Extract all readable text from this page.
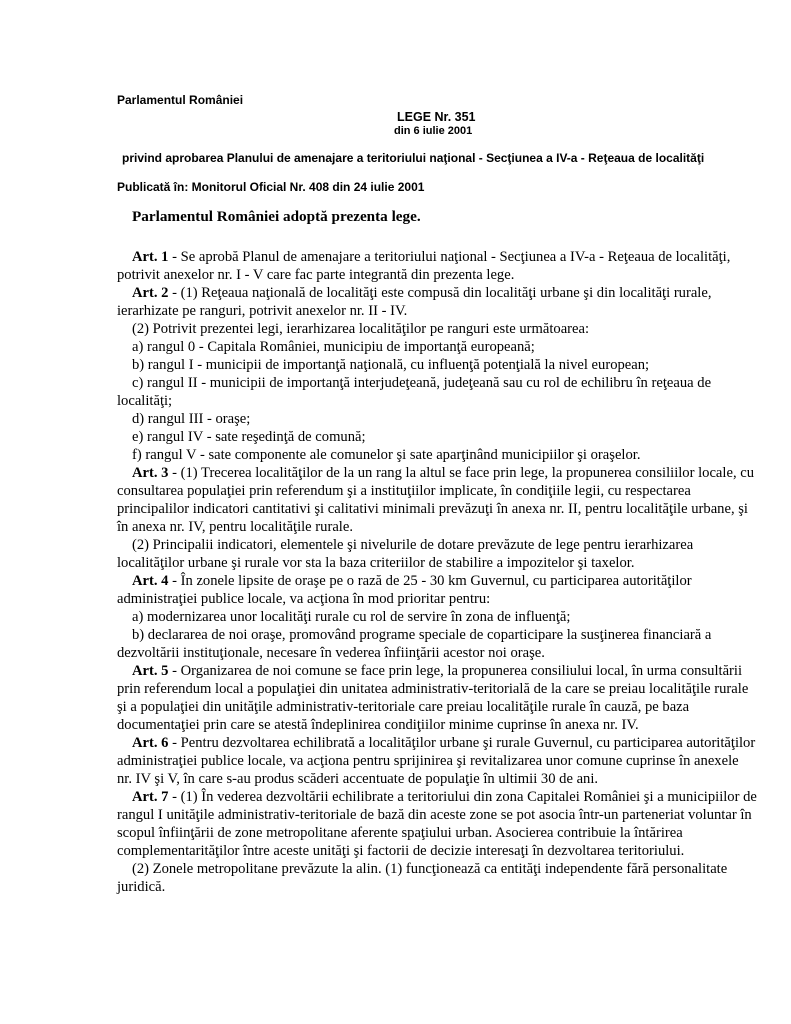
Parlamentul României
LEGE Nr. 351
din 6 iulie 2001
privind aprobarea Planului de amenajare a teritoriului naţional - Secţiunea a IV-a - Reţeaua de localităţi
Publicată în: Monitorul Oficial Nr. 408 din 24 iulie 2001

Parlamentul României adoptă prezenta lege.

Art. 1 - Se aprobă Planul de amenajare a teritoriului naţional - Secţiunea a IV-a - Reţeaua de localităţi, potrivit anexelor nr. I - V care fac parte integrantă din prezenta lege.

Art. 2 - (1) Reţeaua naţională de localităţi este compusă din localităţi urbane şi din localităţi rurale, ierarhizate pe ranguri, potrivit anexelor nr. II - IV.

(2) Potrivit prezentei legi, ierarhizarea localităţilor pe ranguri este următoarea:

a) rangul 0 - Capitala României, municipiu de importanţă europeană;

b) rangul I - municipii de importanţă naţională, cu influenţă potenţială la nivel european;

c) rangul II - municipii de importanţă interjudeţeană, judeţeană sau cu rol de echilibru în reţeaua de localităţi;

d) rangul III - oraşe;

e) rangul IV - sate reşedinţă de comună;

f) rangul V - sate componente ale comunelor şi sate aparţinând municipiilor şi oraşelor.

Art. 3 - (1) Trecerea localităţilor de la un rang la altul se face prin lege, la propunerea consiliilor locale, cu consultarea populaţiei prin referendum şi a instituţiilor implicate, în condiţiile legii, cu respectarea principalilor indicatori cantitativi şi calitativi minimali prevăzuţi în anexa nr. II, pentru localităţile urbane, şi în anexa nr. IV, pentru localităţile rurale.

(2) Principalii indicatori, elementele şi nivelurile de dotare prevăzute de lege pentru ierarhizarea localităţilor urbane şi rurale vor sta la baza criteriilor de stabilire a impozitelor şi taxelor.

Art. 4 - În zonele lipsite de oraşe pe o rază de 25 - 30 km Guvernul, cu participarea autorităţilor administraţiei publice locale, va acţiona în mod prioritar pentru:

a) modernizarea unor localităţi rurale cu rol de servire în zona de influenţă;

b) declararea de noi oraşe, promovând programe speciale de coparticipare la susţinerea financiară a dezvoltării instituţionale, necesare în vederea înfiinţării acestor noi oraşe.

Art. 5 - Organizarea de noi comune se face prin lege, la propunerea consiliului local, în urma consultării prin referendum local a populaţiei din unitatea administrativ-teritorială de la care se preiau localităţile rurale şi a populaţiei din unităţile administrativ-teritoriale care preiau localităţile rurale în cauză, pe baza documentaţiei prin care se atestă îndeplinirea condiţiilor minime cuprinse în anexa nr. IV.

Art. 6 - Pentru dezvoltarea echilibrată a localităţilor urbane şi rurale Guvernul, cu participarea autorităţilor administraţiei publice locale, va acţiona pentru sprijinirea şi revitalizarea unor comune cuprinse în anexele nr. IV şi V, în care s-au produs scăderi accentuate de populaţie în ultimii 30 de ani.

Art. 7 - (1) În vederea dezvoltării echilibrate a teritoriului din zona Capitalei României şi a municipiilor de rangul I unităţile administrativ-teritoriale de bază din aceste zone se pot asocia într-un parteneriat voluntar în scopul înfiinţării de zone metropolitane aferente spaţiului urban. Asocierea contribuie la întărirea complementarităţilor între aceste unităţi şi factorii de decizie interesaţi în dezvoltarea teritoriului.

(2) Zonele metropolitane prevăzute la alin. (1) funcţionează ca entităţi independente fără personalitate juridică.
